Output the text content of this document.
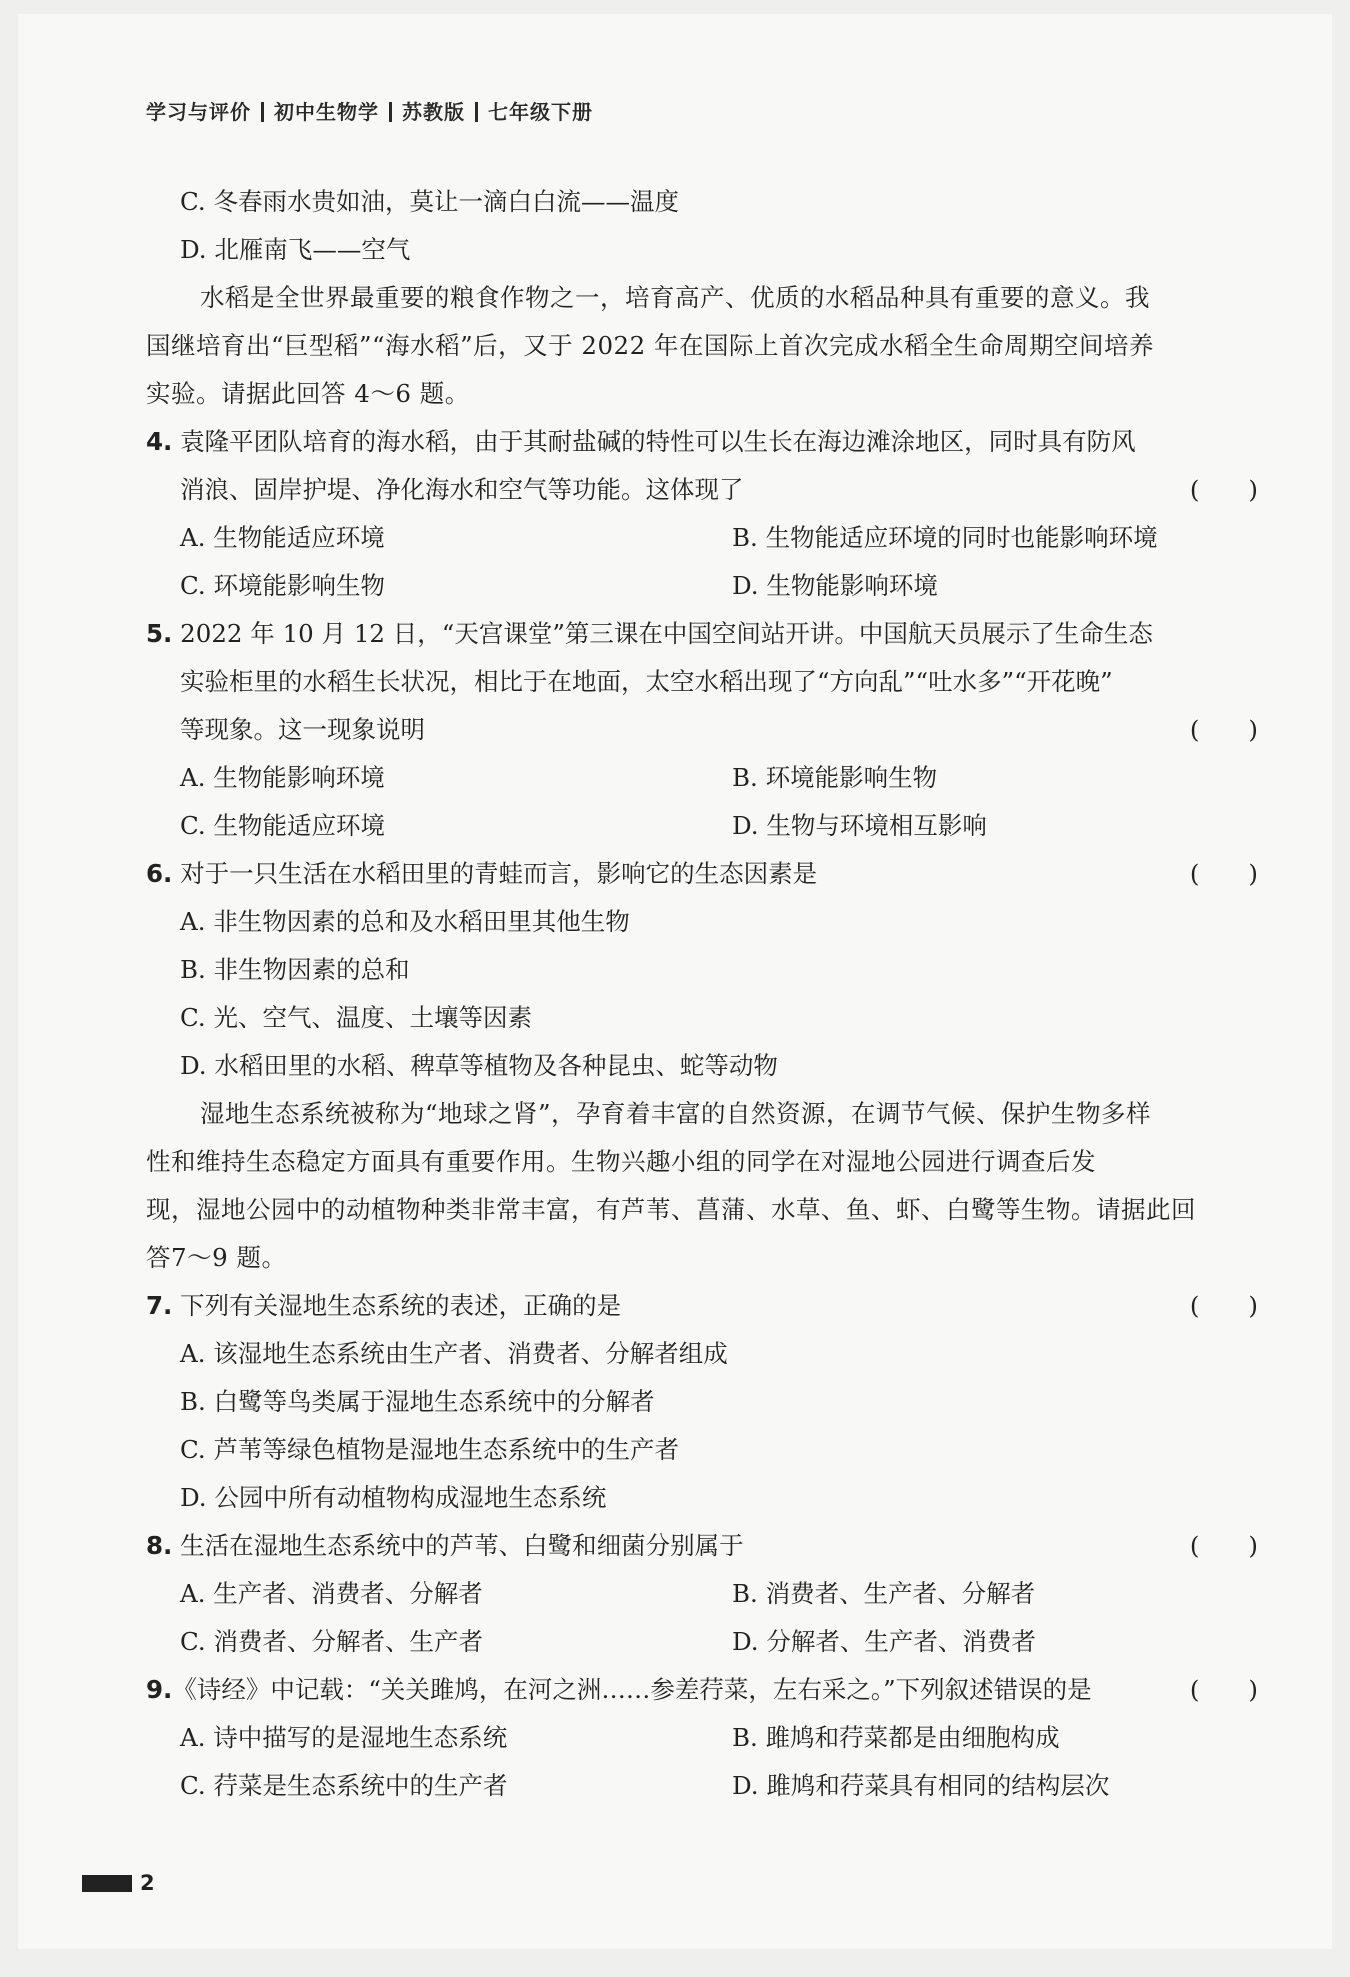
学习与评价 初中生物学 苏教版 七年级下册
C. 冬春雨水贵如油，莫让一滴白白流——温度
D. 北雁南飞——空气
水稻是全世界最重要的粮食作物之一，培育高产、优质的水稻品种具有重要的意义。我
国继培育出“巨型稻”“海水稻”后，又于 2022 年在国际上首次完成水稻全生命周期空间培养
实验。请据此回答 4～6 题。
4. 袁隆平团队培育的海水稻，由于其耐盐碱的特性可以生长在海边滩涂地区，同时具有防风
消浪、固岸护堤、净化海水和空气等功能。这体现了	(　　)
A. 生物能适应环境	B. 生物能适应环境的同时也能影响环境
C. 环境能影响生物	D. 生物能影响环境
5. 2022 年 10 月 12 日，“天宫课堂”第三课在中国空间站开讲。中国航天员展示了生命生态
实验柜里的水稻生长状况，相比于在地面，太空水稻出现了“方向乱”“吐水多”“开花晚”
等现象。这一现象说明	(　　)
A. 生物能影响环境	B. 环境能影响生物
C. 生物能适应环境	D. 生物与环境相互影响
6. 对于一只生活在水稻田里的青蛙而言，影响它的生态因素是	(　　)
A. 非生物因素的总和及水稻田里其他生物
B. 非生物因素的总和
C. 光、空气、温度、土壤等因素
D. 水稻田里的水稻、稗草等植物及各种昆虫、蛇等动物
湿地生态系统被称为“地球之肾”，孕育着丰富的自然资源，在调节气候、保护生物多样
性和维持生态稳定方面具有重要作用。生物兴趣小组的同学在对湿地公园进行调查后发
现，湿地公园中的动植物种类非常丰富，有芦苇、菖蒲、水草、鱼、虾、白鹭等生物。请据此回
答7～9 题。
7. 下列有关湿地生态系统的表述，正确的是	(　　)
A. 该湿地生态系统由生产者、消费者、分解者组成
B. 白鹭等鸟类属于湿地生态系统中的分解者
C. 芦苇等绿色植物是湿地生态系统中的生产者
D. 公园中所有动植物构成湿地生态系统
8. 生活在湿地生态系统中的芦苇、白鹭和细菌分别属于	(　　)
A. 生产者、消费者、分解者	B. 消费者、生产者、分解者
C. 消费者、分解者、生产者	D. 分解者、生产者、消费者
9.《诗经》中记载：“关关雎鸠，在河之洲……参差荇菜，左右采之。”下列叙述错误的是	(　　)
A. 诗中描写的是湿地生态系统	B. 雎鸠和荇菜都是由细胞构成
C. 荇菜是生态系统中的生产者	D. 雎鸠和荇菜具有相同的结构层次
2
